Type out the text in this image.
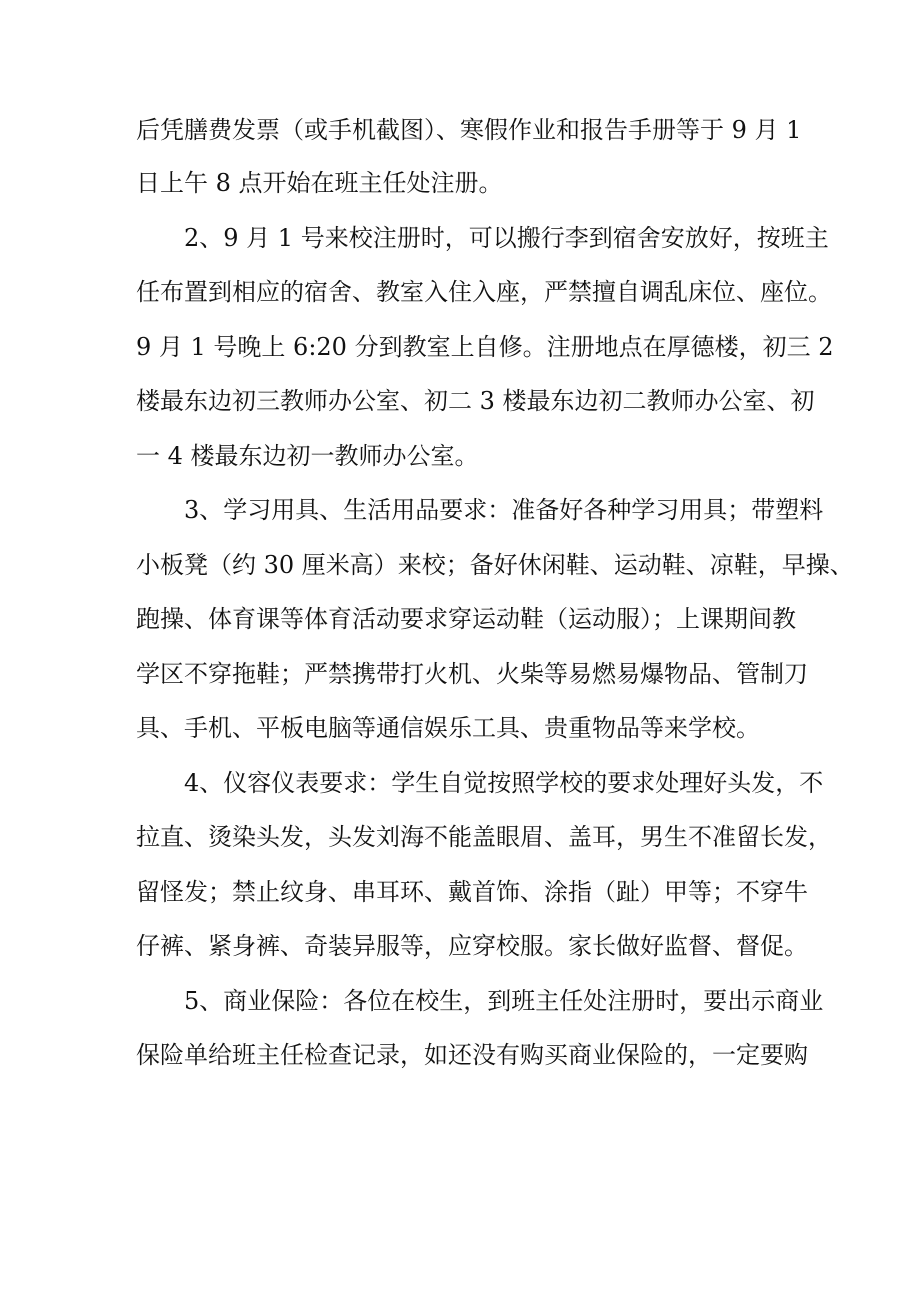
后凭膳费发票（或手机截图）、寒假作业和报告手册等于 9 月 1
日上午 8 点开始在班主任处注册。
2、9 月 1 号来校注册时，可以搬行李到宿舍安放好，按班主
任布置到相应的宿舍、教室入住入座，严禁擅自调乱床位、座位。
9 月 1 号晚上 6:20 分到教室上自修。注册地点在厚德楼，初三 2
楼最东边初三教师办公室、初二 3 楼最东边初二教师办公室、初
一 4 楼最东边初一教师办公室。
3、学习用具、生活用品要求：准备好各种学习用具；带塑料
小板凳（约 30 厘米高）来校；备好休闲鞋、运动鞋、凉鞋，早操、
跑操、体育课等体育活动要求穿运动鞋（运动服）；上课期间教
学区不穿拖鞋；严禁携带打火机、火柴等易燃易爆物品、管制刀
具、手机、平板电脑等通信娱乐工具、贵重物品等来学校。
4、仪容仪表要求：学生自觉按照学校的要求处理好头发，不
拉直、烫染头发，头发刘海不能盖眼眉、盖耳，男生不准留长发，
留怪发；禁止纹身、串耳环、戴首饰、涂指（趾）甲等；不穿牛
仔裤、紧身裤、奇装异服等，应穿校服。家长做好监督、督促。
5、商业保险：各位在校生，到班主任处注册时，要出示商业
保险单给班主任检查记录，如还没有购买商业保险的，一定要购
